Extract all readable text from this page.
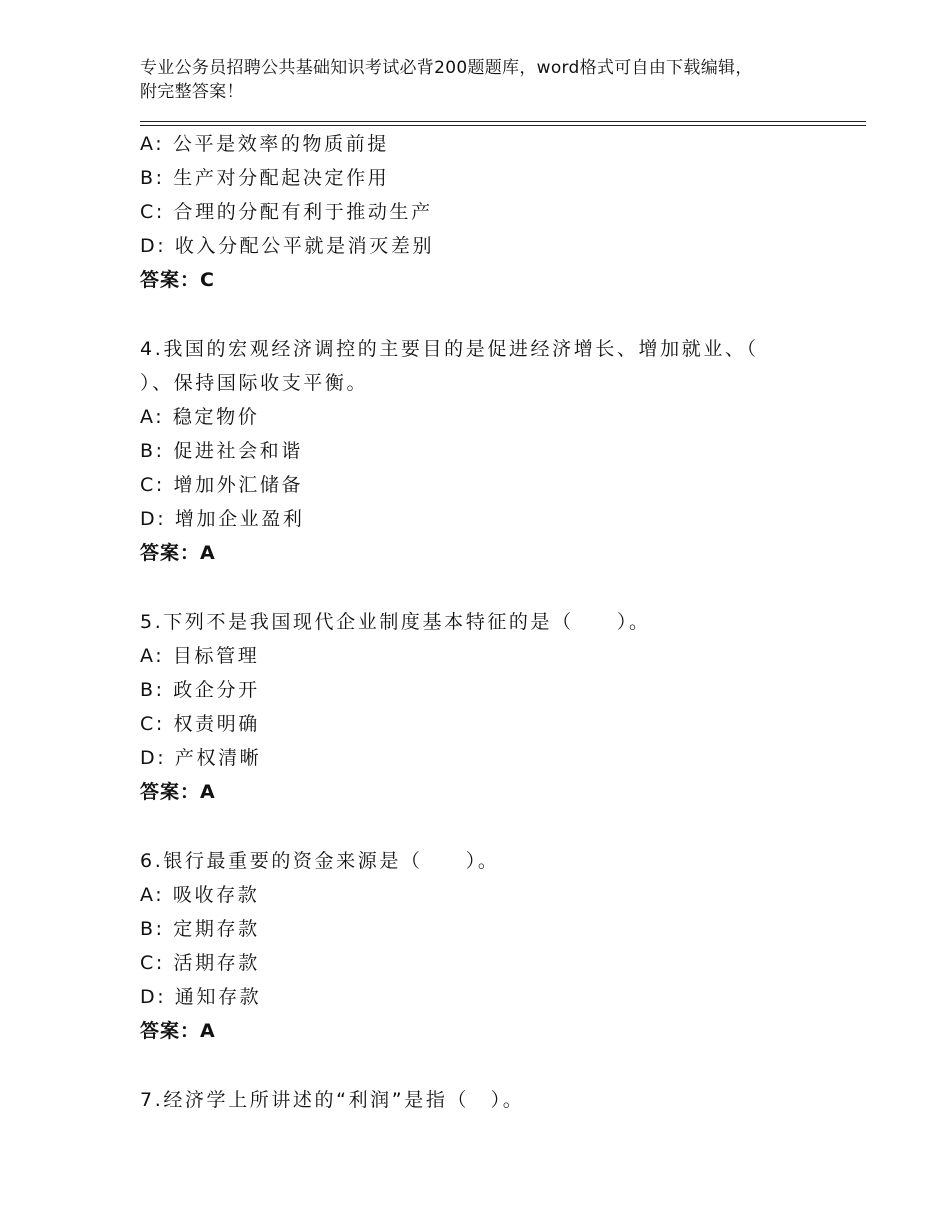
专业公务员招聘公共基础知识考试必背200题题库，word格式可自由下载编辑，
附完整答案！
A: 公平是效率的物质前提
B: 生产对分配起决定作用
C: 合理的分配有利于推动生产
D: 收入分配公平就是消灭差别
答案：C
4.我国的宏观经济调控的主要目的是促进经济增长、增加就业、（
）、保持国际收支平衡。
A: 稳定物价
B: 促进社会和谐
C: 增加外汇储备
D: 增加企业盈利
答案：A
5.下列不是我国现代企业制度基本特征的是（　　）。
A: 目标管理
B: 政企分开
C: 权责明确
D: 产权清晰
答案：A
6.银行最重要的资金来源是（　　）。
A: 吸收存款
B: 定期存款
C: 活期存款
D: 通知存款
答案：A
7.经济学上所讲述的“利润”是指（　）。
